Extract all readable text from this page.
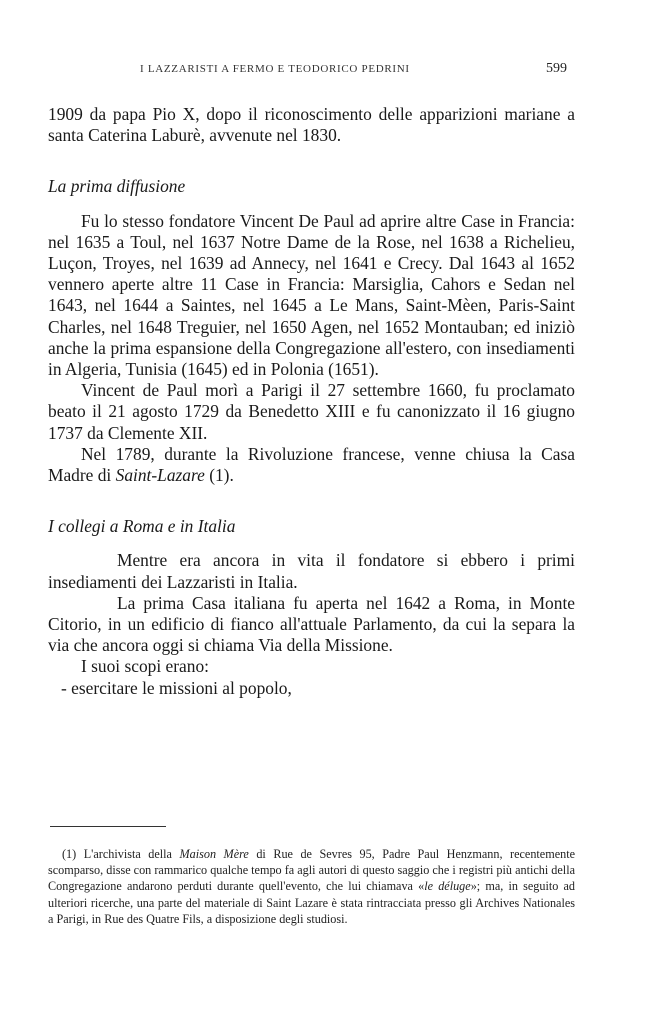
I LAZZARISTI A FERMO E TEODORICO PEDRINI	599

1909 da papa Pio X, dopo il riconoscimento delle apparizioni mariane a santa Caterina Laburè, avvenute nel 1830.

La prima diffusione

Fu lo stesso fondatore Vincent De Paul ad aprire altre Case in Francia: nel 1635 a Toul, nel 1637 Notre Dame de la Rose, nel 1638 a Richelieu, Luçon, Troyes, nel 1639 ad Annecy, nel 1641 e Crecy. Dal 1643 al 1652 vennero aperte altre 11 Case in Francia: Marsiglia, Cahors e Sedan nel 1643, nel 1644 a Saintes, nel 1645 a Le Mans, Saint-Mèen, Paris-Saint Charles, nel 1648 Treguier, nel 1650 Agen, nel 1652 Montauban; ed iniziò anche la prima espansione della Congregazione all'estero, con insediamenti in Algeria, Tunisia (1645) ed in Polonia (1651).

Vincent de Paul morì a Parigi il 27 settembre 1660, fu proclamato beato il 21 agosto 1729 da Benedetto XIII e fu canonizzato il 16 giugno 1737 da Clemente XII.

Nel 1789, durante la Rivoluzione francese, venne chiusa la Casa Madre di Saint-Lazare (1).

I collegi a Roma e in Italia

Mentre era ancora in vita il fondatore si ebbero i primi insediamenti dei Lazzaristi in Italia.

La prima Casa italiana fu aperta nel 1642 a Roma, in Monte Citorio, in un edificio di fianco all'attuale Parlamento, da cui la separa la via che ancora oggi si chiama Via della Missione.

I suoi scopi erano:

- esercitare le missioni al popolo,

(1) L'archivista della Maison Mère di Rue de Sevres 95, Padre Paul Henzmann, recentemente scomparso, disse con rammarico qualche tempo fa agli autori di questo saggio che i registri più antichi della Congregazione andarono perduti durante quell'evento, che lui chiamava «le déluge»; ma, in seguito ad ulteriori ricerche, una parte del materiale di Saint Lazare è stata rintracciata presso gli Archives Nationales a Parigi, in Rue des Quatre Fils, a disposizione degli studiosi.
